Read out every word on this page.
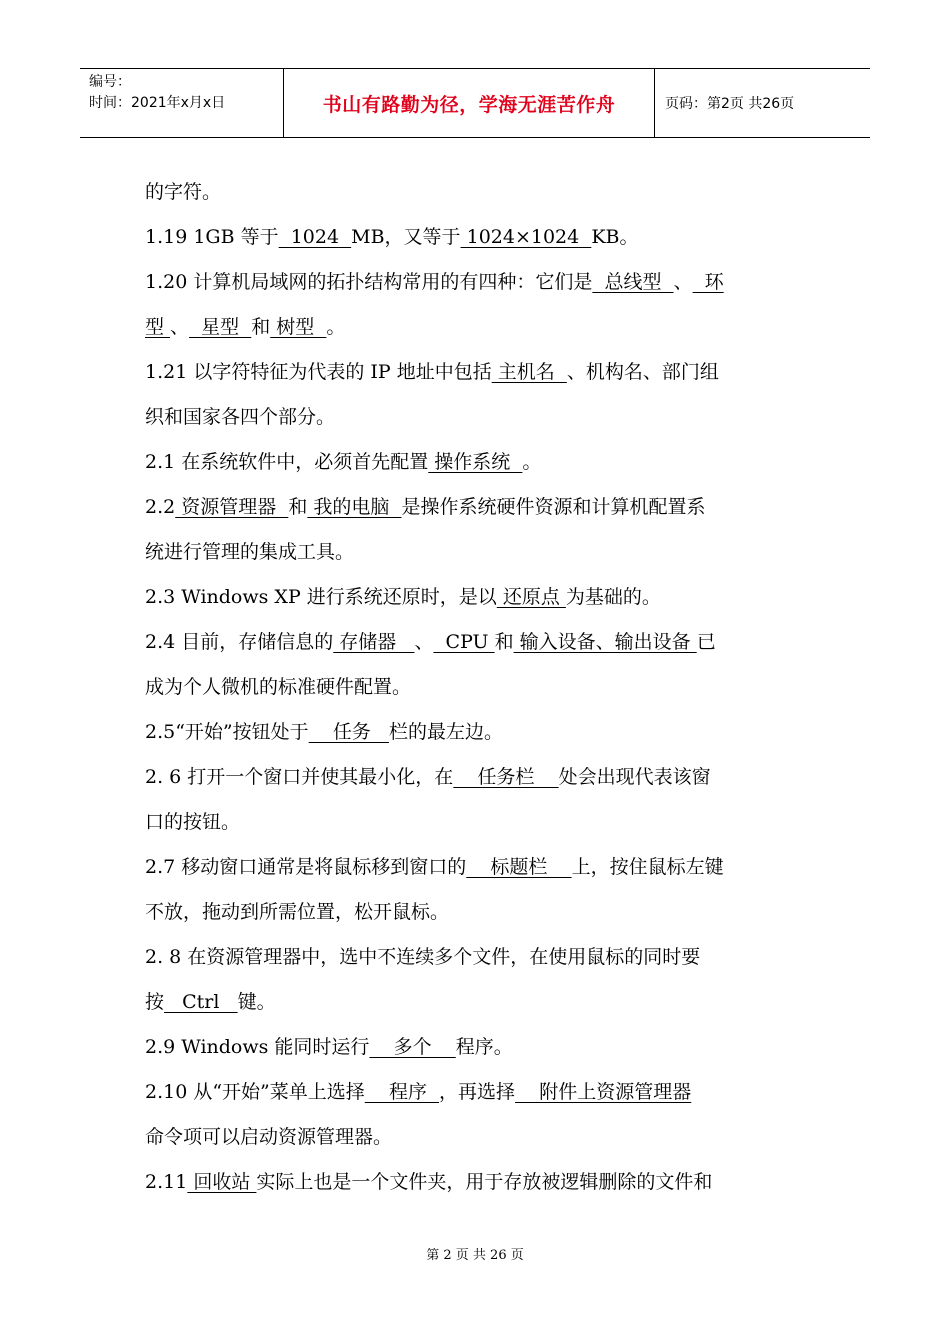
编号：
时间：2021年x月x日	书山有路勤为径，学海无涯苦作舟	页码：第2页 共26页
的字符。
1.19 1GB 等于  1024  MB，又等于 1024×1024  KB。
1.20 计算机局域网的拓扑结构常用的有四种：它们是  总线型  、  环
型 、  星型  和 树型  。
1.21 以字符特征为代表的 IP 地址中包括 主机名  、机构名、部门组
织和国家各四个部分。
2.1 在系统软件中，必须首先配置 操作系统  。
2.2 资源管理器  和 我的电脑  是操作系统硬件资源和计算机配置系
统进行管理的集成工具。
2.3 Windows XP 进行系统还原时，是以 还原点 为基础的。
2.4 目前，存储信息的 存储器   、  CPU 和 输入设备、输出设备 已
成为个人微机的标准硬件配置。
2.5“开始”按钮处于    任务   栏的最左边。
2. 6 打开一个窗口并使其最小化，在    任务栏    处会出现代表该窗
口的按钮。
2.7 移动窗口通常是将鼠标移到窗口的    标题栏    上，按住鼠标左键
不放，拖动到所需位置，松开鼠标。
2. 8 在资源管理器中，选中不连续多个文件，在使用鼠标的同时要
按   Ctrl   键。
2.9 Windows 能同时运行    多个    程序。
2.10 从“开始”菜单上选择    程序  ，再选择    附件上资源管理器
命令项可以启动资源管理器。
2.11 回收站 实际上也是一个文件夹，用于存放被逻辑删除的文件和
第 2 页 共 26 页
